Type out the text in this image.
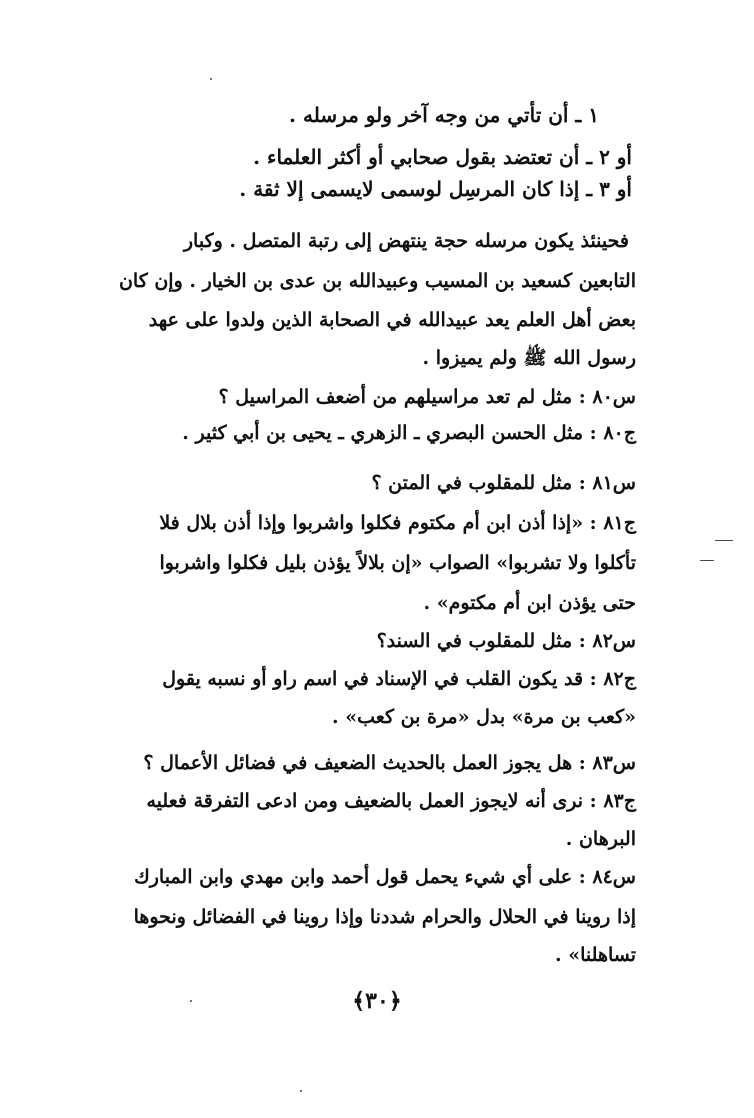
١ ـ أن تأتي من وجه آخر ولو مرسله .
أو ٢ ـ أن تعتضد بقول صحابي أو أكثر العلماء .
أو ٣ ـ إذا كان المرسِل لوسمى لايسمى إلا ثقة .
فحينئذ يكون مرسله حجة ينتهض إلى رتبة المتصل . وكبار
التابعين كسعيد بن المسيب وعبيدالله بن عدى بن الخيار . وإن كان
بعض أهل العلم يعد عبيدالله في الصحابة الذين ولدوا على عهد
رسول الله ﷺ ولم يميزوا .
س٨٠ : مثل لم تعد مراسيلهم من أضعف المراسيل ؟
ج٨٠ : مثل الحسن البصري ـ الزهري ـ يحيى بن أبي كثير .
س٨١ : مثل للمقلوب في المتن ؟
ج٨١ : «إذا أذن ابن أم مكتوم فكلوا واشربوا وإذا أذن بلال فلا
تأكلوا ولا تشربوا» الصواب «إن بلالاً يؤذن بليل فكلوا واشربوا
حتى يؤذن ابن أم مكتوم» .
س٨٢ : مثل للمقلوب في السند؟
ج٨٢ : قد يكون القلب في الإسناد في اسم راو أو نسبه يقول
«كعب بن مرة» بدل «مرة بن كعب» .
س٨٣ : هل يجوز العمل بالحديث الضعيف في فضائل الأعمال ؟
ج٨٣ : نرى أنه لايجوز العمل بالضعيف ومن ادعى التفرقة فعليه
البرهان .
س٨٤ : على أي شيء يحمل قول أحمد وابن مهدي وابن المبارك
إذا روينا في الحلال والحرام شددنا وإذا روينا في الفضائل ونحوها
تساهلنا» .
﴿٣٠﴾
